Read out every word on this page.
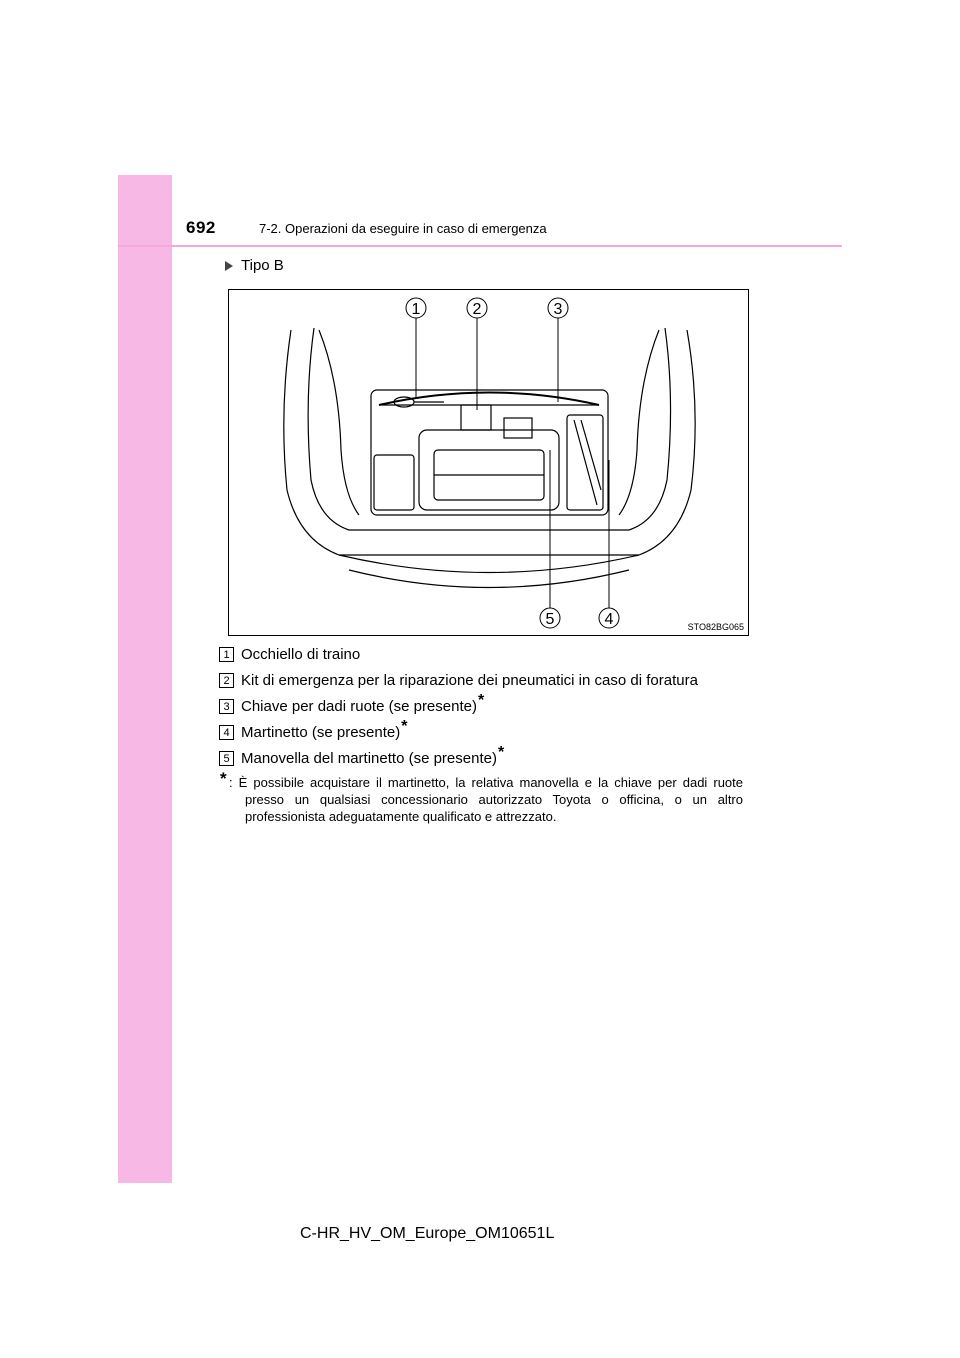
692	7-2. Operazioni da eseguire in caso di emergenza
Tipo B
1	2	3
5	4	STO82BG065
1 Occhiello di traino
2 Kit di emergenza per la riparazione dei pneumatici in caso di foratura
3 Chiave per dadi ruote (se presente)*
4 Martinetto (se presente)*
5 Manovella del martinetto (se presente)*
* : È possibile acquistare il martinetto, la relativa manovella e la chiave per dadi ruote presso un qualsiasi concessionario autorizzato Toyota o officina, o un altro professionista adeguatamente qualificato e attrezzato.
C-HR_HV_OM_Europe_OM10651L
